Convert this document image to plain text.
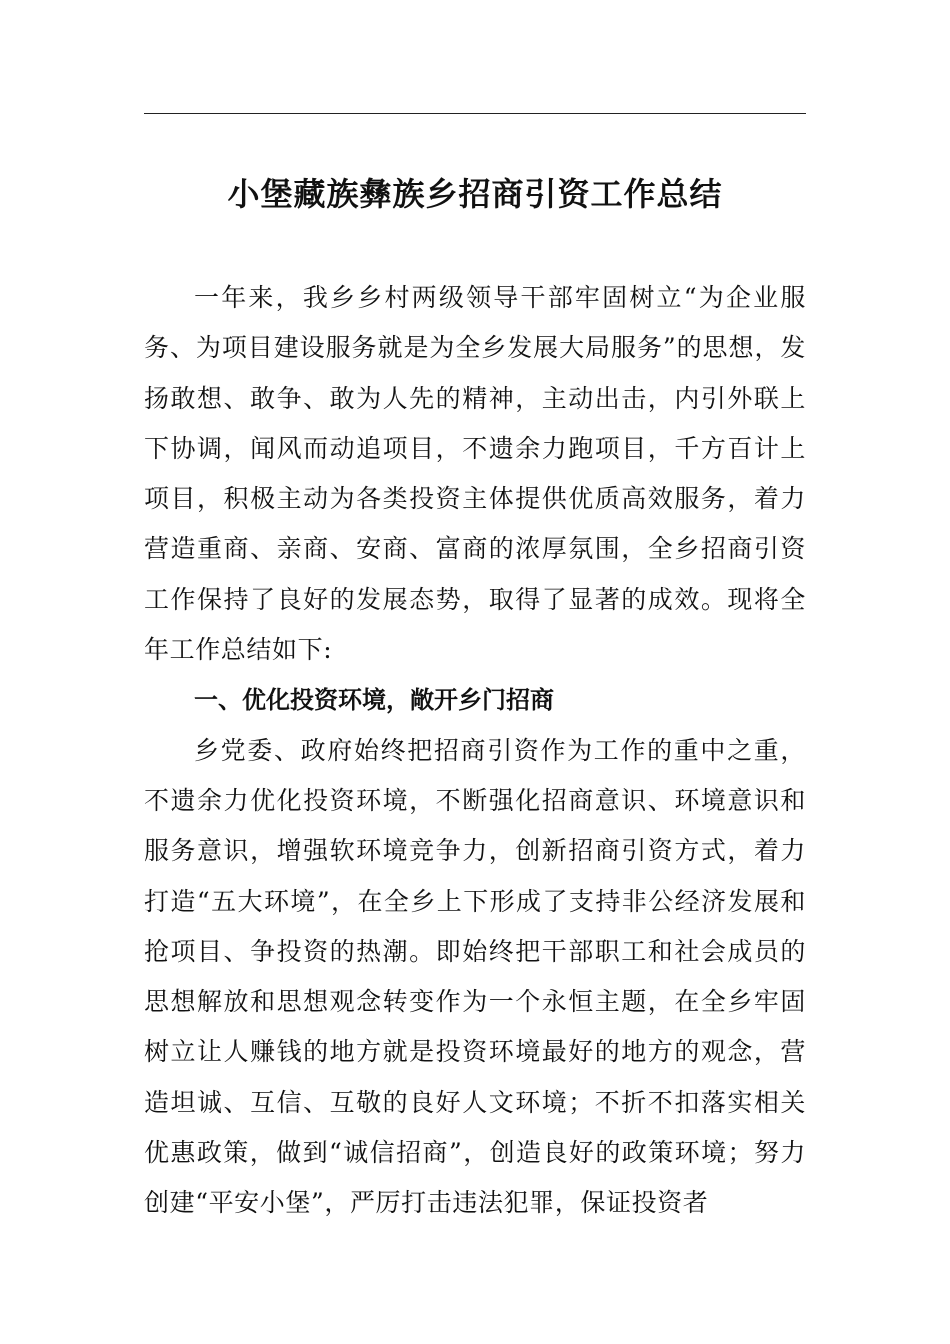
小堡藏族彝族乡招商引资工作总结

一年来，我乡乡村两级领导干部牢固树立“为企业服务、为项目建设服务就是为全乡发展大局服务”的思想，发扬敢想、敢争、敢为人先的精神，主动出击，内引外联上下协调，闻风而动追项目，不遗余力跑项目，千方百计上项目，积极主动为各类投资主体提供优质高效服务，着力营造重商、亲商、安商、富商的浓厚氛围，全乡招商引资工作保持了良好的发展态势，取得了显著的成效。现将全年工作总结如下:

一、优化投资环境，敞开乡门招商

乡党委、政府始终把招商引资作为工作的重中之重，不遗余力优化投资环境，不断强化招商意识、环境意识和服务意识，增强软环境竞争力，创新招商引资方式，着力打造“五大环境”，在全乡上下形成了支持非公经济发展和抢项目、争投资的热潮。即始终把干部职工和社会成员的思想解放和思想观念转变作为一个永恒主题，在全乡牢固树立让人赚钱的地方就是投资环境最好的地方的观念，营造坦诚、互信、互敬的良好人文环境；不折不扣落实相关优惠政策，做到“诚信招商”，创造良好的政策环境；努力创建“平安小堡”，严厉打击违法犯罪，保证投资者
